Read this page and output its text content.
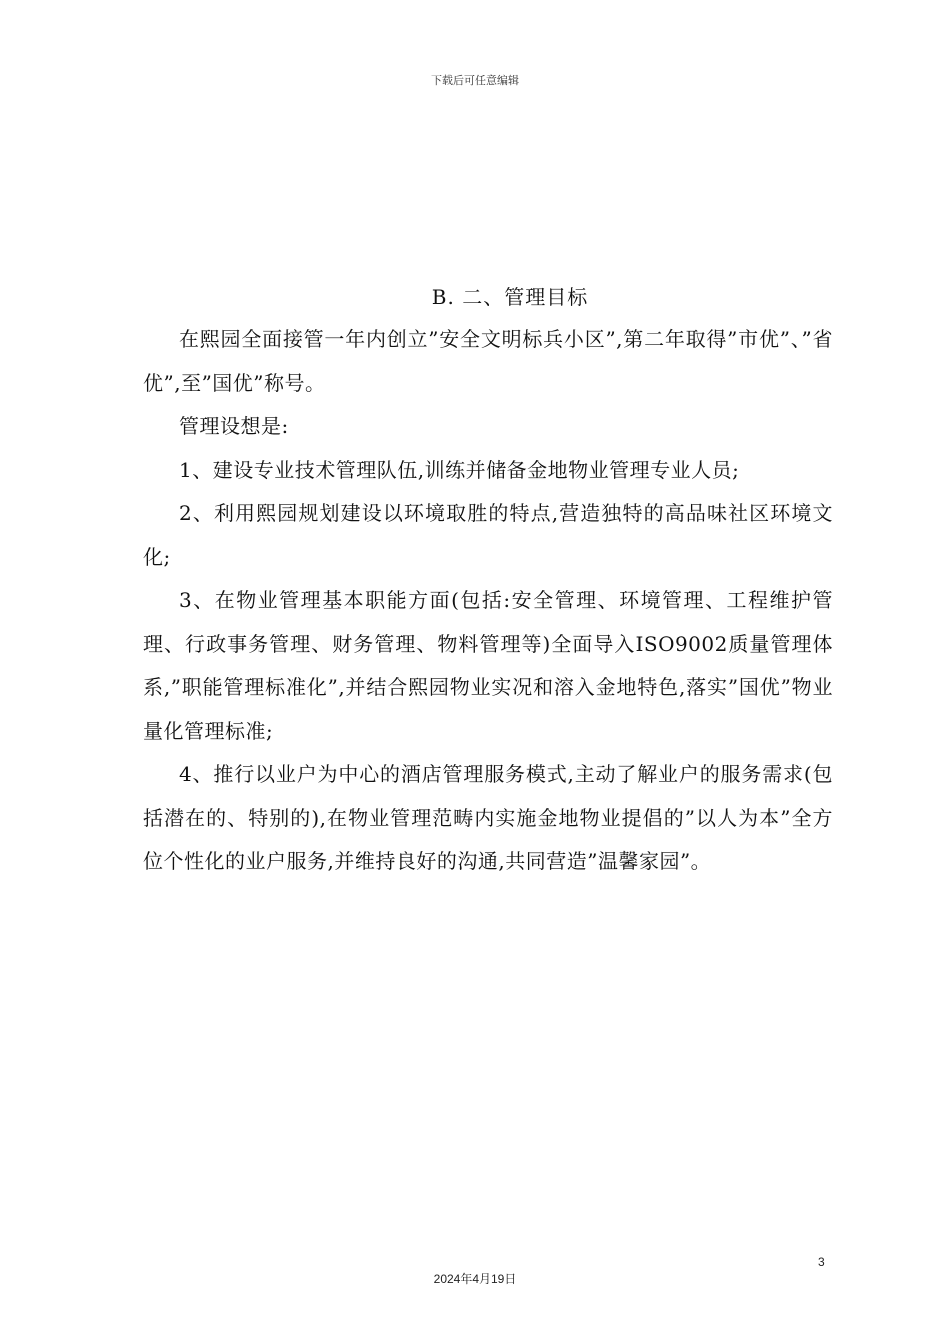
下载后可任意编辑
B. 二、管理目标

在熙园全面接管一年内创立”安全文明标兵小区”,第二年取得”市优”、”省优”,至”国优”称号。

管理设想是:

1、建设专业技术管理队伍,训练并储备金地物业管理专业人员;

2、利用熙园规划建设以环境取胜的特点,营造独特的高品味社区环境文化;

3、在物业管理基本职能方面(包括:安全管理、环境管理、工程维护管理、行政事务管理、财务管理、物料管理等)全面导入ISO9002质量管理体系,”职能管理标准化”,并结合熙园物业实况和溶入金地特色,落实”国优”物业量化管理标准;

4、推行以业户为中心的酒店管理服务模式,主动了解业户的服务需求(包括潜在的、特别的),在物业管理范畴内实施金地物业提倡的”以人为本”全方位个性化的业户服务,并维持良好的沟通,共同营造”温馨家园”。

3
2024年4月19日
